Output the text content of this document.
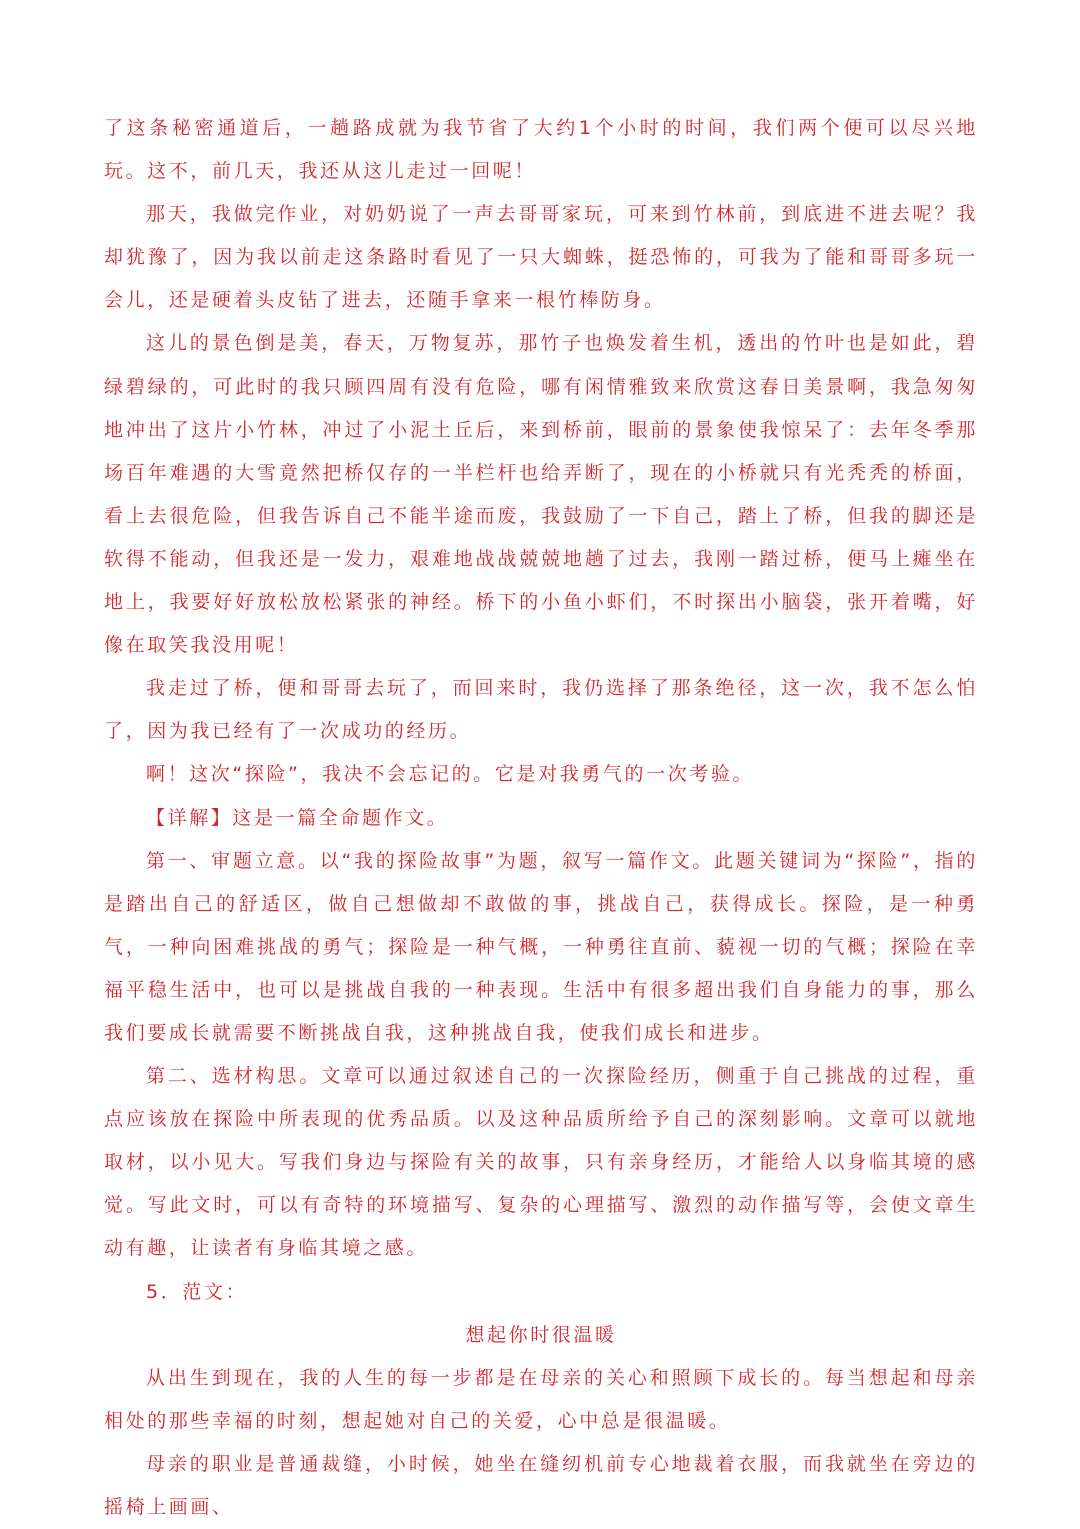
了这条秘密通道后，一趟路成就为我节省了大约1个小时的时间，我们两个便可以尽兴地玩。这不，前几天，我还从这儿走过一回呢！

那天，我做完作业，对奶奶说了一声去哥哥家玩，可来到竹林前，到底进不进去呢？我却犹豫了，因为我以前走这条路时看见了一只大蜘蛛，挺恐怖的，可我为了能和哥哥多玩一会儿，还是硬着头皮钻了进去，还随手拿来一根竹棒防身。

这儿的景色倒是美，春天，万物复苏，那竹子也焕发着生机，透出的竹叶也是如此，碧绿碧绿的，可此时的我只顾四周有没有危险，哪有闲情雅致来欣赏这春日美景啊，我急匆匆地冲出了这片小竹林，冲过了小泥土丘后，来到桥前，眼前的景象使我惊呆了：去年冬季那场百年难遇的大雪竟然把桥仅存的一半栏杆也给弄断了，现在的小桥就只有光秃秃的桥面，看上去很危险，但我告诉自己不能半途而废，我鼓励了一下自己，踏上了桥，但我的脚还是软得不能动，但我还是一发力，艰难地战战兢兢地趟了过去，我刚一踏过桥，便马上瘫坐在地上，我要好好放松放松紧张的神经。桥下的小鱼小虾们，不时探出小脑袋，张开着嘴，好像在取笑我没用呢！

我走过了桥，便和哥哥去玩了，而回来时，我仍选择了那条绝径，这一次，我不怎么怕了，因为我已经有了一次成功的经历。

啊！这次“探险”，我决不会忘记的。它是对我勇气的一次考验。

【详解】这是一篇全命题作文。

第一、审题立意。以“我的探险故事”为题，叙写一篇作文。此题关键词为“探险”，指的是踏出自己的舒适区，做自己想做却不敢做的事，挑战自己，获得成长。探险，是一种勇气，一种向困难挑战的勇气；探险是一种气概，一种勇往直前、藐视一切的气概；探险在幸福平稳生活中，也可以是挑战自我的一种表现。生活中有很多超出我们自身能力的事，那么我们要成长就需要不断挑战自我，这种挑战自我，使我们成长和进步。

第二、选材构思。文章可以通过叙述自己的一次探险经历，侧重于自己挑战的过程，重点应该放在探险中所表现的优秀品质。以及这种品质所给予自己的深刻影响。文章可以就地取材，以小见大。写我们身边与探险有关的故事，只有亲身经历，才能给人以身临其境的感觉。写此文时，可以有奇特的环境描写、复杂的心理描写、激烈的动作描写等，会使文章生动有趣，让读者有身临其境之感。

5．范文：

想起你时很温暖

从出生到现在，我的人生的每一步都是在母亲的关心和照顾下成长的。每当想起和母亲相处的那些幸福的时刻，想起她对自己的关爱，心中总是很温暖。

母亲的职业是普通裁缝，小时候，她坐在缝纫机前专心地裁着衣服，而我就坐在旁边的摇椅上画画、
